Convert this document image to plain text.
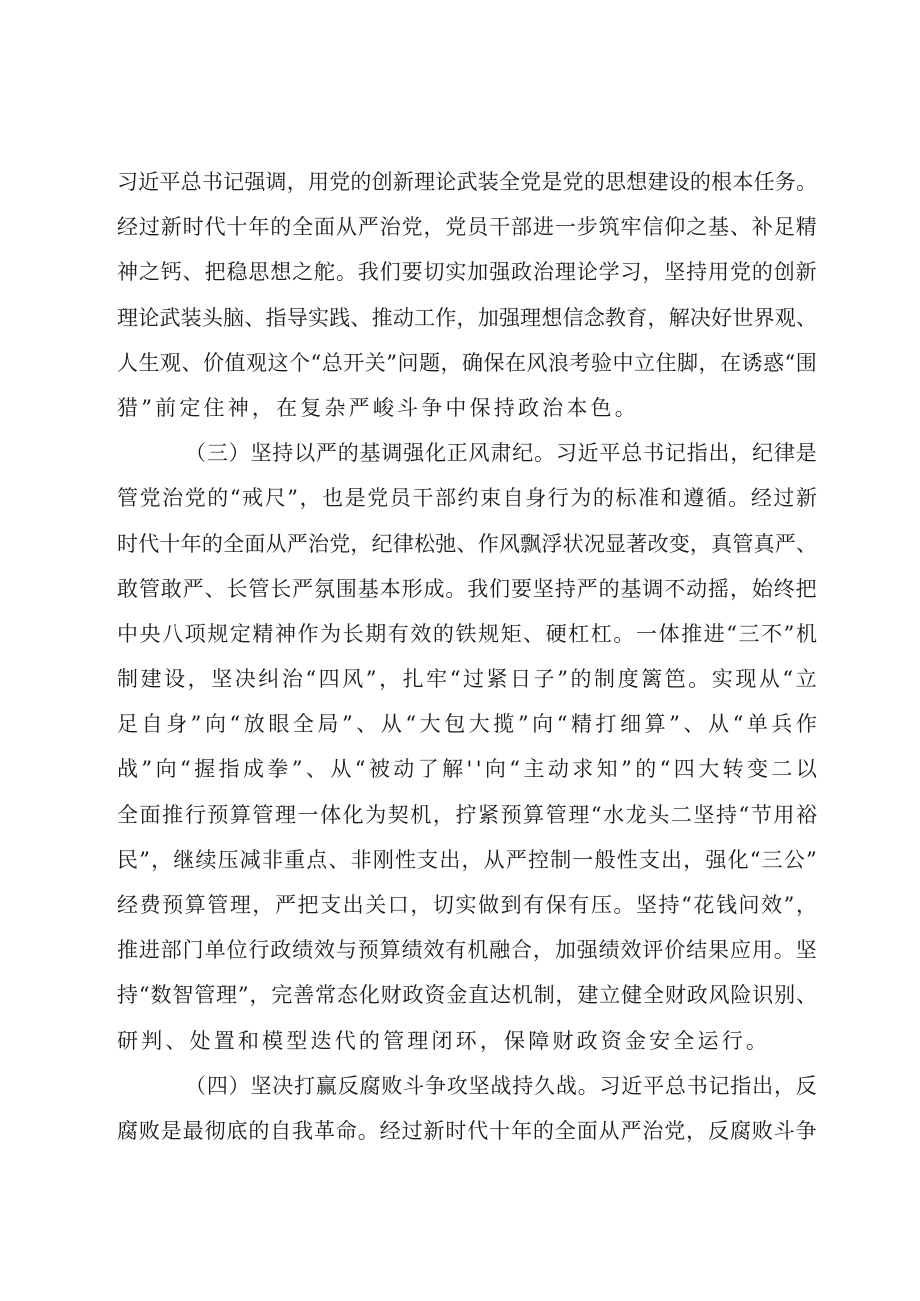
习 近 平 总 书 记 强 调 ， 用 党 的 创 新 理 论 武 装 全 党 是 党 的 思 想 建 设 的 根 本 任 务 。
经 过 新 时 代 十 年 的 全 面 从 严 治 党 ， 党 员 干 部 进 一 步 筑 牢 信 仰 之 基 、 补 足 精
神 之 钙 、 把 稳 思 想 之 舵 。 我 们 要 切 实 加 强 政 治 理 论 学 习 ， 坚 持 用 党 的 创 新
理 论 武 装 头 脑 、 指 导 实 践 、 推 动 工 作 ， 加 强 理 想 信 念 教 育 ， 解 决 好 世 界 观 、
人 生 观 、 价 值 观 这 个 “ 总 开 关 ” 问 题 ， 确 保 在 风 浪 考 验 中 立 住 脚 ， 在 诱 惑 “ 围
猎 ” 前 定 住 神 ， 在 复 杂 严 峻 斗 争 中 保 持 政 治 本 色 。
（ 三 ） 坚 持 以 严 的 基 调 强 化 正 风 肃 纪 。 习 近 平 总 书 记 指 出 ， 纪 律 是
管 党 治 党 的 “ 戒 尺 ” ， 也 是 党 员 干 部 约 束 自 身 行 为 的 标 准 和 遵 循 。 经 过 新
时 代 十 年 的 全 面 从 严 治 党 ， 纪 律 松 弛 、 作 风 飘 浮 状 况 显 著 改 变 ， 真 管 真 严 、
敢 管 敢 严 、 长 管 长 严 氛 围 基 本 形 成 。 我 们 要 坚 持 严 的 基 调 不 动 摇 ， 始 终 把
中 央 八 项 规 定 精 神 作 为 长 期 有 效 的 铁 规 矩 、 硬 杠 杠 。 一 体 推 进 “ 三 不 ” 机
制 建 设 ， 坚 决 纠 治 “ 四 风 ” ， 扎 牢 “ 过 紧 日 子 ” 的 制 度 篱 笆 。 实 现 从 “ 立
足 自 身 ” 向 “ 放 眼 全 局 ” 、 从 “ 大 包 大 揽 ” 向 “ 精 打 细 算 ” 、 从 “ 单 兵 作
战 ” 向 “ 握 指 成 拳 ” 、 从 “ 被 动 了 解 ' ' 向 “ 主 动 求 知 ” 的 “ 四 大 转 变 二 以
全 面 推 行 预 算 管 理 一 体 化 为 契 机 ， 拧 紧 预 算 管 理 “ 水 龙 头 二 坚 持 “ 节 用 裕
民 ” ， 继 续 压 减 非 重 点 、 非 刚 性 支 出 ， 从 严 控 制 一 般 性 支 出 ， 强 化 “ 三 公 ”
经 费 预 算 管 理 ， 严 把 支 出 关 口 ， 切 实 做 到 有 保 有 压 。 坚 持 “ 花 钱 问 效 ” ，
推 进 部 门 单 位 行 政 绩 效 与 预 算 绩 效 有 机 融 合 ， 加 强 绩 效 评 价 结 果 应 用 。 坚
持 “ 数 智 管 理 ” ， 完 善 常 态 化 财 政 资 金 直 达 机 制 ， 建 立 健 全 财 政 风 险 识 别 、
研 判 、 处 置 和 模 型 迭 代 的 管 理 闭 环 ， 保 障 财 政 资 金 安 全 运 行 。
（ 四 ） 坚 决 打 赢 反 腐 败 斗 争 攻 坚 战 持 久 战 。 习 近 平 总 书 记 指 出 ， 反
腐 败 是 最 彻 底 的 自 我 革 命 。 经 过 新 时 代 十 年 的 全 面 从 严 治 党 ， 反 腐 败 斗 争
